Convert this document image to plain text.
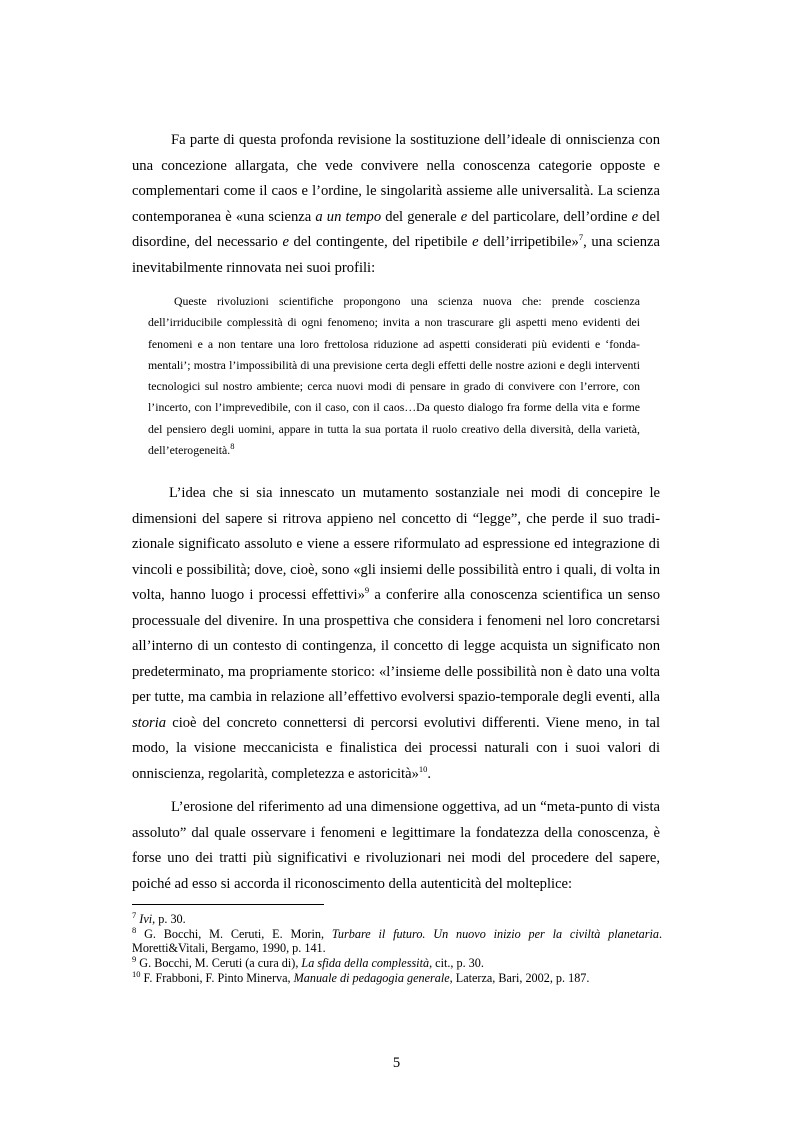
Fa parte di questa profonda revisione la sostituzione dell’ideale di onniscienza con una concezione allargata, che vede convivere nella conoscenza categorie opposte e complementari come il caos e l’ordine, le singolarità assieme alle universalità. La scienza contemporanea è «una scienza a un tempo del generale e del particolare, dell’ordine e del disordine, del necessario e del contingente, del ripetibile e dell’irripetibile»$^7$, una scienza inevitabilmente rinnovata nei suoi profili:

Queste rivoluzioni scientifiche propongono una scienza nuova che: prende coscienza dell’irriducibile complessità di ogni fenomeno; invita a non trascurare gli aspetti meno evidenti dei fenomeni e a non tentare una loro frettolosa riduzione ad aspetti considerati più evidenti e ‘fonda-mentali’; mostra l’impossibilità di una previsione certa degli effetti delle nostre azioni e degli interventi tecnologici sul nostro ambiente; cerca nuovi modi di pensare in grado di convivere con l’errore, con l’incerto, con l’imprevedibile, con il caso, con il caos…Da questo dialogo fra forme della vita e forme del pensiero degli uomini, appare in tutta la sua portata il ruolo creativo della diversità, della varietà, dell’eterogeneità.$^8$

L’idea che si sia innescato un mutamento sostanziale nei modi di concepire le dimensioni del sapere si ritrova appieno nel concetto di “legge”, che perde il suo tradi-zionale significato assoluto e viene a essere riformulato ad espressione ed integrazione di vincoli e possibilità; dove, cioè, sono «gli insiemi delle possibilità entro i quali, di volta in volta, hanno luogo i processi effettivi»$^9$ a conferire alla conoscenza scientifica un senso processuale del divenire. In una prospettiva che considera i fenomeni nel loro concretarsi all’interno di un contesto di contingenza, il concetto di legge acquista un significato non predeterminato, ma propriamente storico: «l’insieme delle possibilità non è dato una volta per tutte, ma cambia in relazione all’effettivo evolversi spazio-temporale degli eventi, alla storia cioè del concreto connettersi di percorsi evolutivi differenti. Viene meno, in tal modo, la visione meccanicista e finalistica dei processi naturali con i suoi valori di onniscienza, regolarità, completezza e astoricità»$^{10}$.

L’erosione del riferimento ad una dimensione oggettiva, ad un “meta-punto di vista assoluto” dal quale osservare i fenomeni e legittimare la fondatezza della conoscenza, è forse uno dei tratti più significativi e rivoluzionari nei modi del procedere del sapere, poiché ad esso si accorda il riconoscimento della autenticità del molteplice:

$^7$ Ivi, p. 30.

$^8$ G. Bocchi, M. Ceruti, E. Morin, Turbare il futuro. Un nuovo inizio per la civiltà planetaria. Moretti&Vitali, Bergamo, 1990, p. 141.

$^9$ G. Bocchi, M. Ceruti (a cura di), La sfida della complessità, cit., p. 30.

$^{10}$ F. Frabboni, F. Pinto Minerva, Manuale di pedagogia generale, Laterza, Bari, 2002, p. 187.

5
